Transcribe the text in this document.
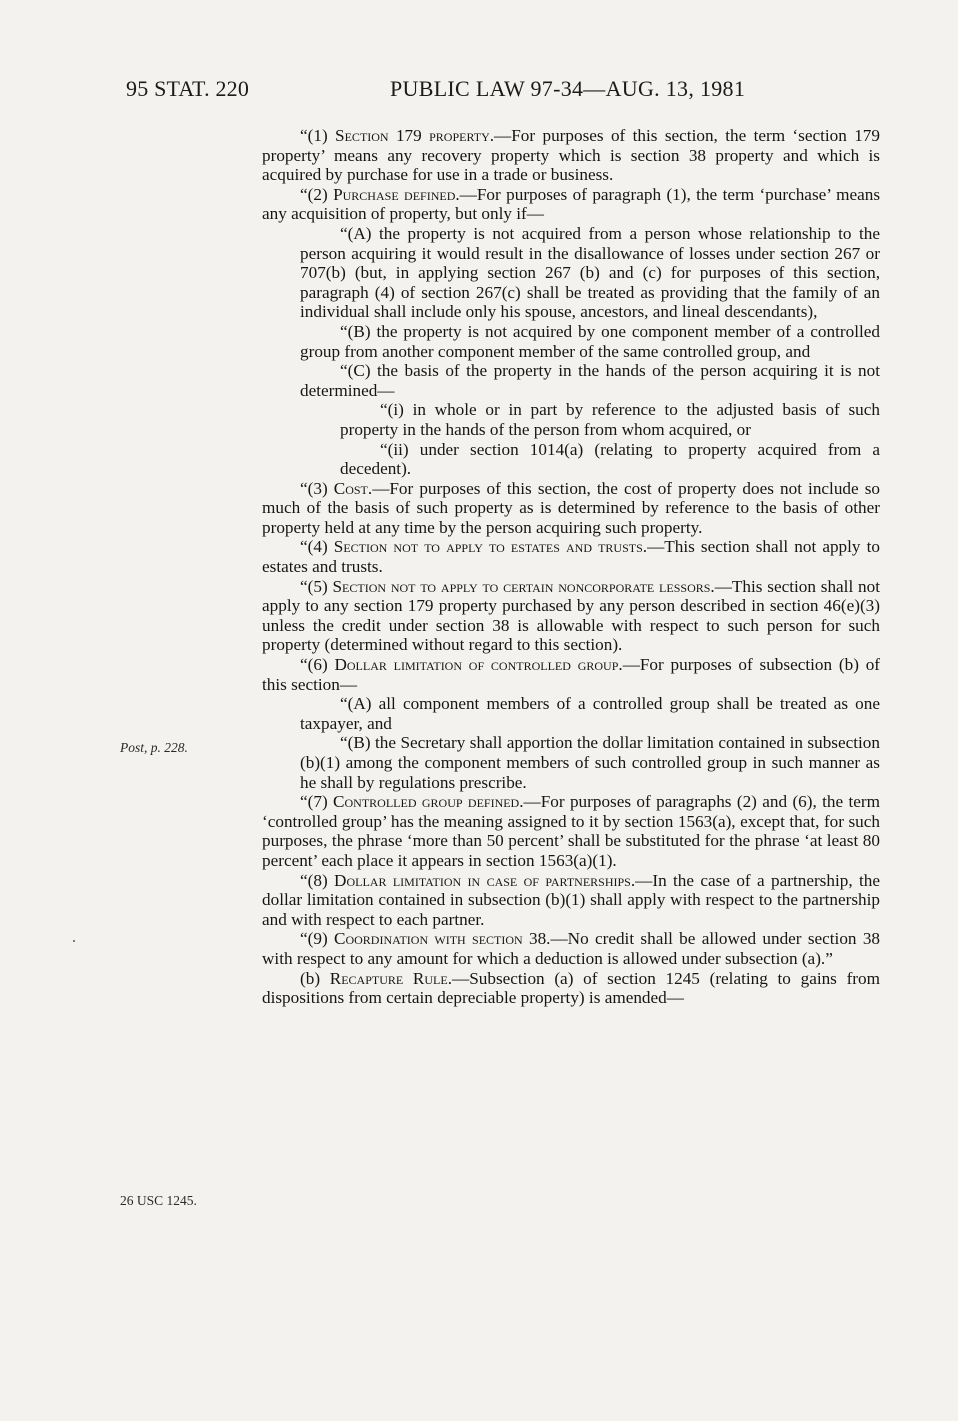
95 STAT. 220	PUBLIC LAW 97-34—AUG. 13, 1981
Post, p. 228.
26 USC 1245.

“(1) Section 179 property.—For purposes of this section, the term ‘section 179 property’ means any recovery property which is section 38 property and which is acquired by purchase for use in a trade or business.

“(2) Purchase defined.—For purposes of paragraph (1), the term ‘purchase’ means any acquisition of property, but only if—

“(A) the property is not acquired from a person whose relationship to the person acquiring it would result in the disallowance of losses under section 267 or 707(b) (but, in applying section 267 (b) and (c) for purposes of this section, paragraph (4) of section 267(c) shall be treated as providing that the family of an individual shall include only his spouse, ancestors, and lineal descendants),

“(B) the property is not acquired by one component member of a controlled group from another component member of the same controlled group, and

“(C) the basis of the property in the hands of the person acquiring it is not determined—

“(i) in whole or in part by reference to the adjusted basis of such property in the hands of the person from whom acquired, or

“(ii) under section 1014(a) (relating to property acquired from a decedent).

“(3) Cost.—For purposes of this section, the cost of property does not include so much of the basis of such property as is determined by reference to the basis of other property held at any time by the person acquiring such property.

“(4) Section not to apply to estates and trusts.—This section shall not apply to estates and trusts.

“(5) Section not to apply to certain noncorporate lessors.—This section shall not apply to any section 179 property purchased by any person described in section 46(e)(3) unless the credit under section 38 is allowable with respect to such person for such property (determined without regard to this section).

“(6) Dollar limitation of controlled group.—For purposes of subsection (b) of this section—

“(A) all component members of a controlled group shall be treated as one taxpayer, and

“(B) the Secretary shall apportion the dollar limitation contained in subsection (b)(1) among the component members of such controlled group in such manner as he shall by regulations prescribe.

“(7) Controlled group defined.—For purposes of paragraphs (2) and (6), the term ‘controlled group’ has the meaning assigned to it by section 1563(a), except that, for such purposes, the phrase ‘more than 50 percent’ shall be substituted for the phrase ‘at least 80 percent’ each place it appears in section 1563(a)(1).

“(8) Dollar limitation in case of partnerships.—In the case of a partnership, the dollar limitation contained in subsection (b)(1) shall apply with respect to the partnership and with respect to each partner.

“(9) Coordination with section 38.—No credit shall be allowed under section 38 with respect to any amount for which a deduction is allowed under subsection (a).”

(b) Recapture Rule.—Subsection (a) of section 1245 (relating to gains from dispositions from certain depreciable property) is amended—
